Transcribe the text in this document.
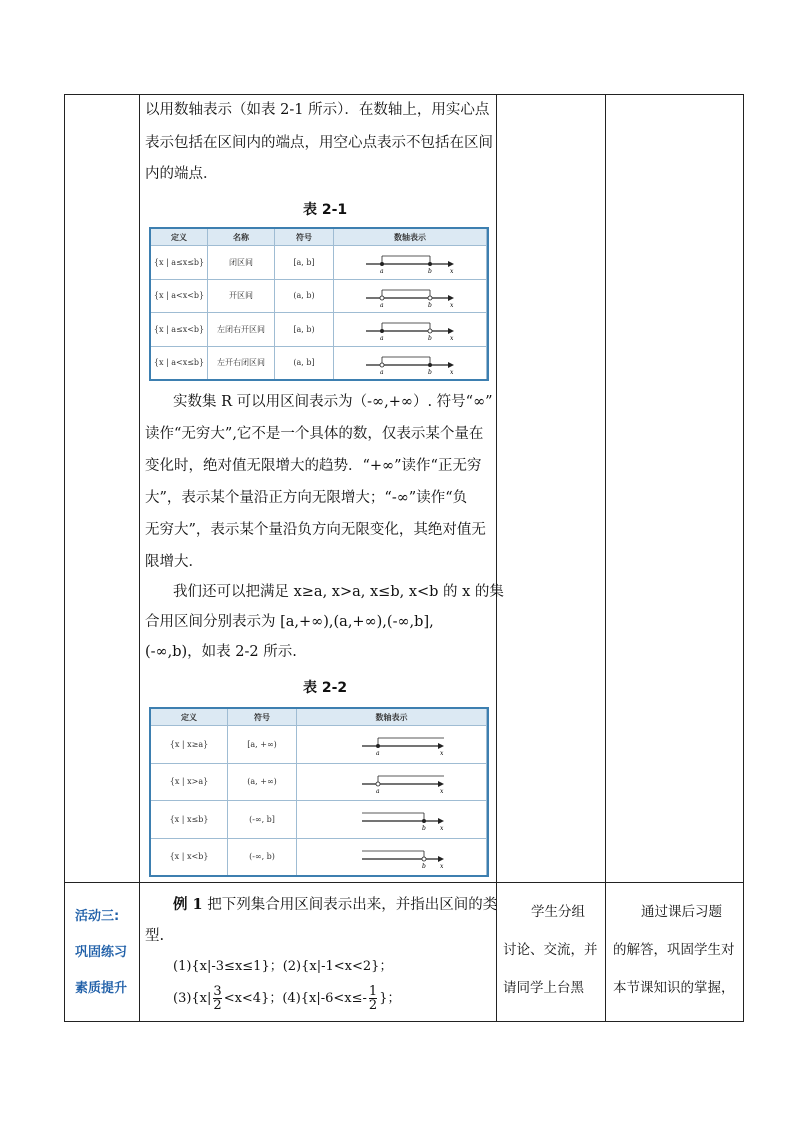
以用数轴表示（如表 2-1 所示）．在数轴上，用实心点
表示包括在区间内的端点，用空心点表示不包括在区间
内的端点．
表 2-1
定义	名称	符号	数轴表示
{x | a≤x≤b}	闭区间	[a, b]	a b x

{x | a<x<b}	开区间	(a, b)	a b x

{x | a≤x<b}	左闭右开区间	[a, b)	a b x

{x | a<x≤b}	左开右闭区间	(a, b]	a b x
实数集 R 可以用区间表示为（-∞,+∞）. 符号“∞”
读作“无穷大”,它不是一个具体的数，仅表示某个量在
变化时，绝对值无限增大的趋势．“+∞”读作“正无穷
大”，表示某个量沿正方向无限增大；“-∞”读作“负
无穷大”，表示某个量沿负方向无限变化，其绝对值无
限增大．
我们还可以把满足 x≥a, x>a, x≤b, x<b 的 x 的集
合用区间分别表示为 [a,+∞),(a,+∞),(-∞,b],
(-∞,b)，如表 2-2 所示.
表 2-2
定义	符号	数轴表示
{x | x≥a}	[a, +∞)	a x

{x | x>a}	(a, +∞)	a x

{x | x≤b}	(-∞, b]	b x

{x | x<b}	(-∞, b)	b x
活动三:
巩固练习
素质提升
例 1 把下列集合用区间表示出来，并指出区间的类
型.
(1){x|-3≤x≤1}；(2){x|-1<x<2}；
$(3)\{x| \frac{3}{2} <x<4\}$；$(4)\{x|-6<x\le- \frac{1}{2}$ }；
学生分组
讨论、交流，并
请同学上台黑
通过课后习题
的解答，巩固学生对
本节课知识的掌握，
